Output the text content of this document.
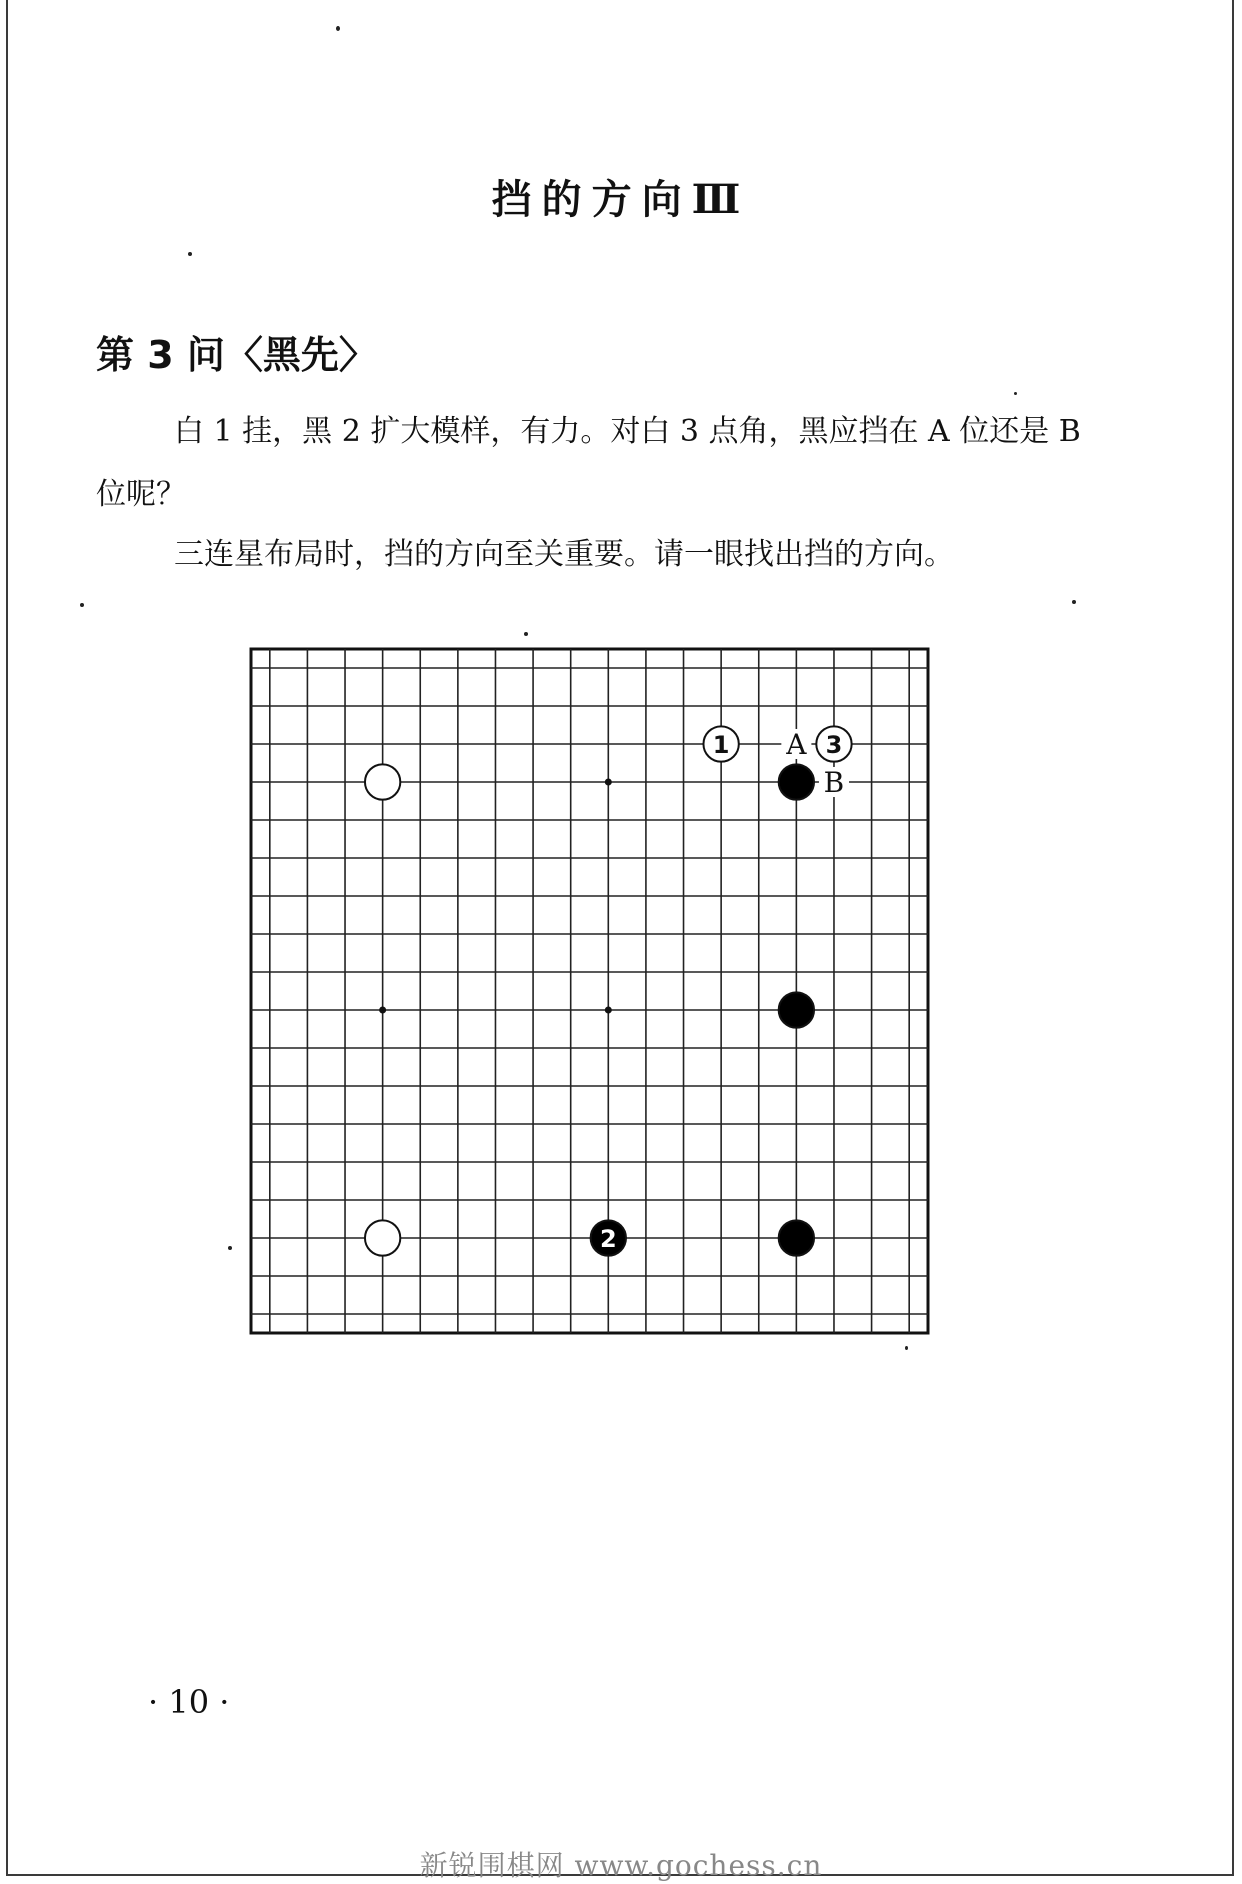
挡的方向Ⅲ
第 3 问〈黑先〉

白 1 挂，黑 2 扩大模样，有力。对白 3 点角，黑应挡在 A 位还是 B 位呢？

三连星布局时，挡的方向至关重要。请一眼找出挡的方向。

A
B
1	3
2
· 10 ·
新锐围棋网 www.gochess.cn
